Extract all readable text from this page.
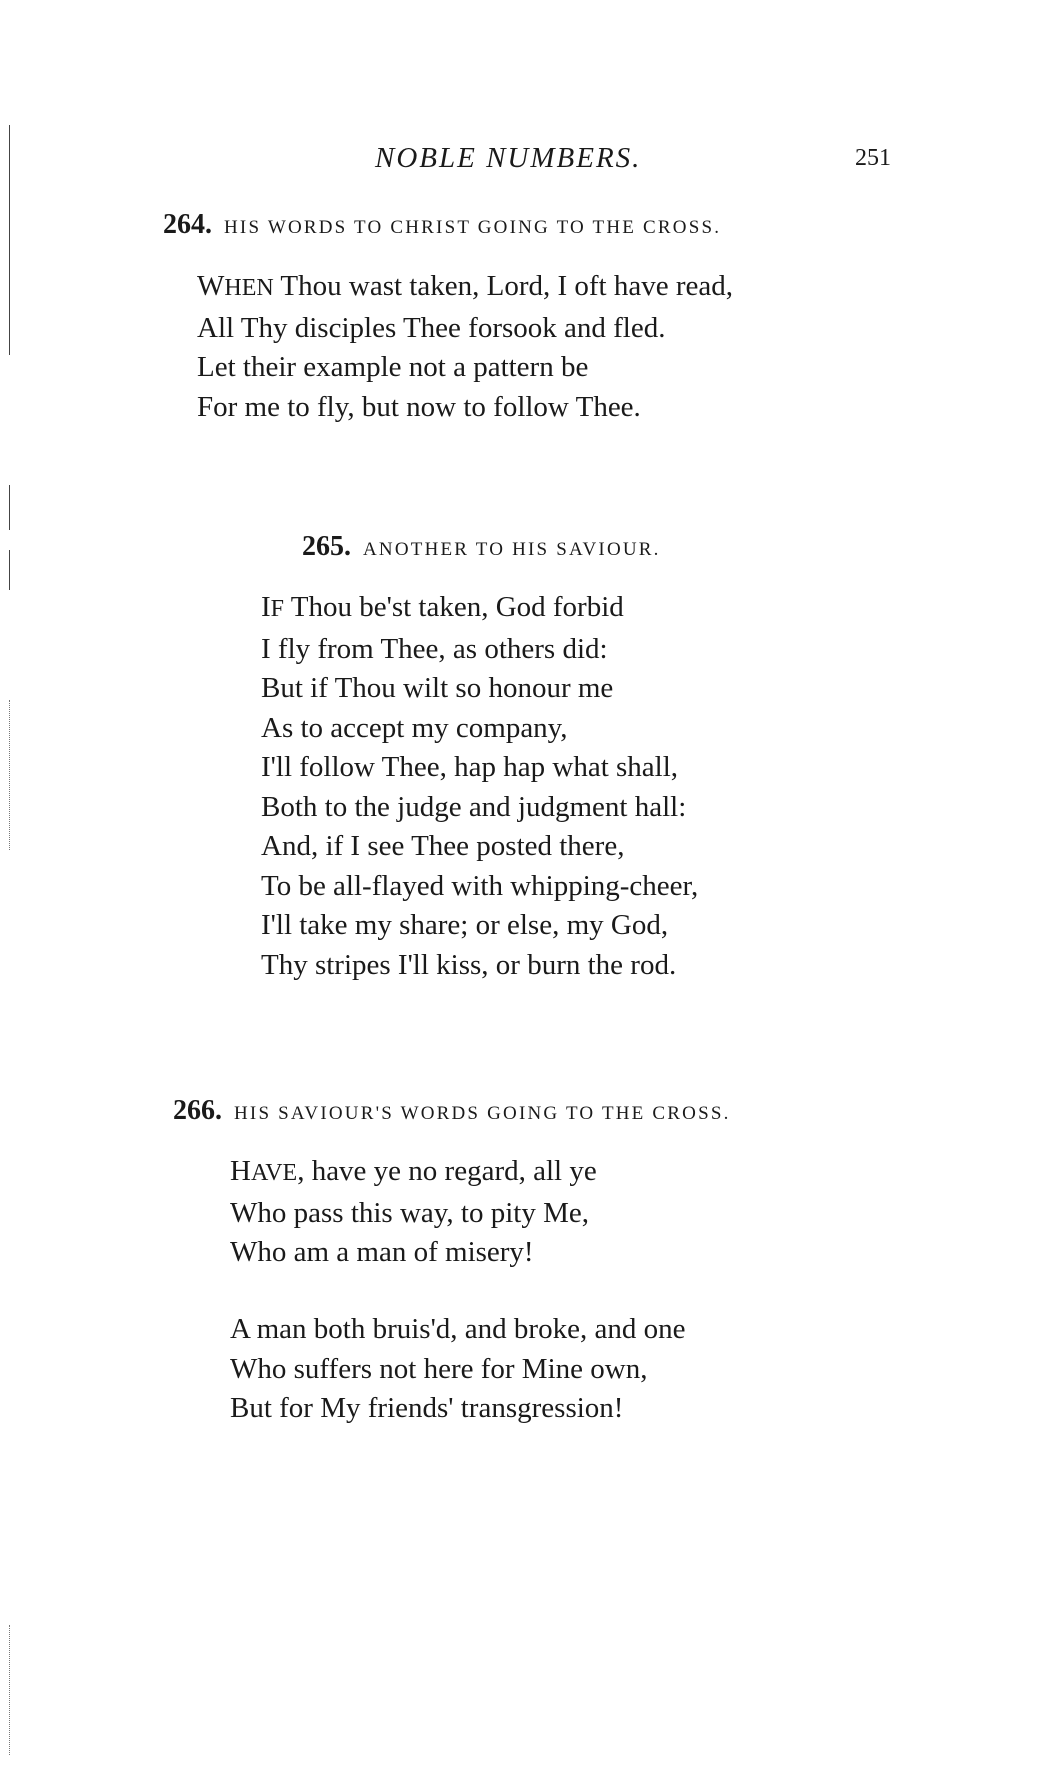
NOBLE NUMBERS.	251
264. HIS WORDS TO CHRIST GOING TO THE CROSS.
WHEN Thou wast taken, Lord, I oft have read,
All Thy disciples Thee forsook and fled.
Let their example not a pattern be
For me to fly, but now to follow Thee.
265. ANOTHER TO HIS SAVIOUR.
IF Thou be'st taken, God forbid
I fly from Thee, as others did:
But if Thou wilt so honour me
As to accept my company,
I'll follow Thee, hap hap what shall,
Both to the judge and judgment hall:
And, if I see Thee posted there,
To be all-flayed with whipping-cheer,
I'll take my share; or else, my God,
Thy stripes I'll kiss, or burn the rod.
266. HIS SAVIOUR'S WORDS GOING TO THE CROSS.
HAVE, have ye no regard, all ye
Who pass this way, to pity Me,
Who am a man of misery!
A man both bruis'd, and broke, and one
Who suffers not here for Mine own,
But for My friends' transgression!
